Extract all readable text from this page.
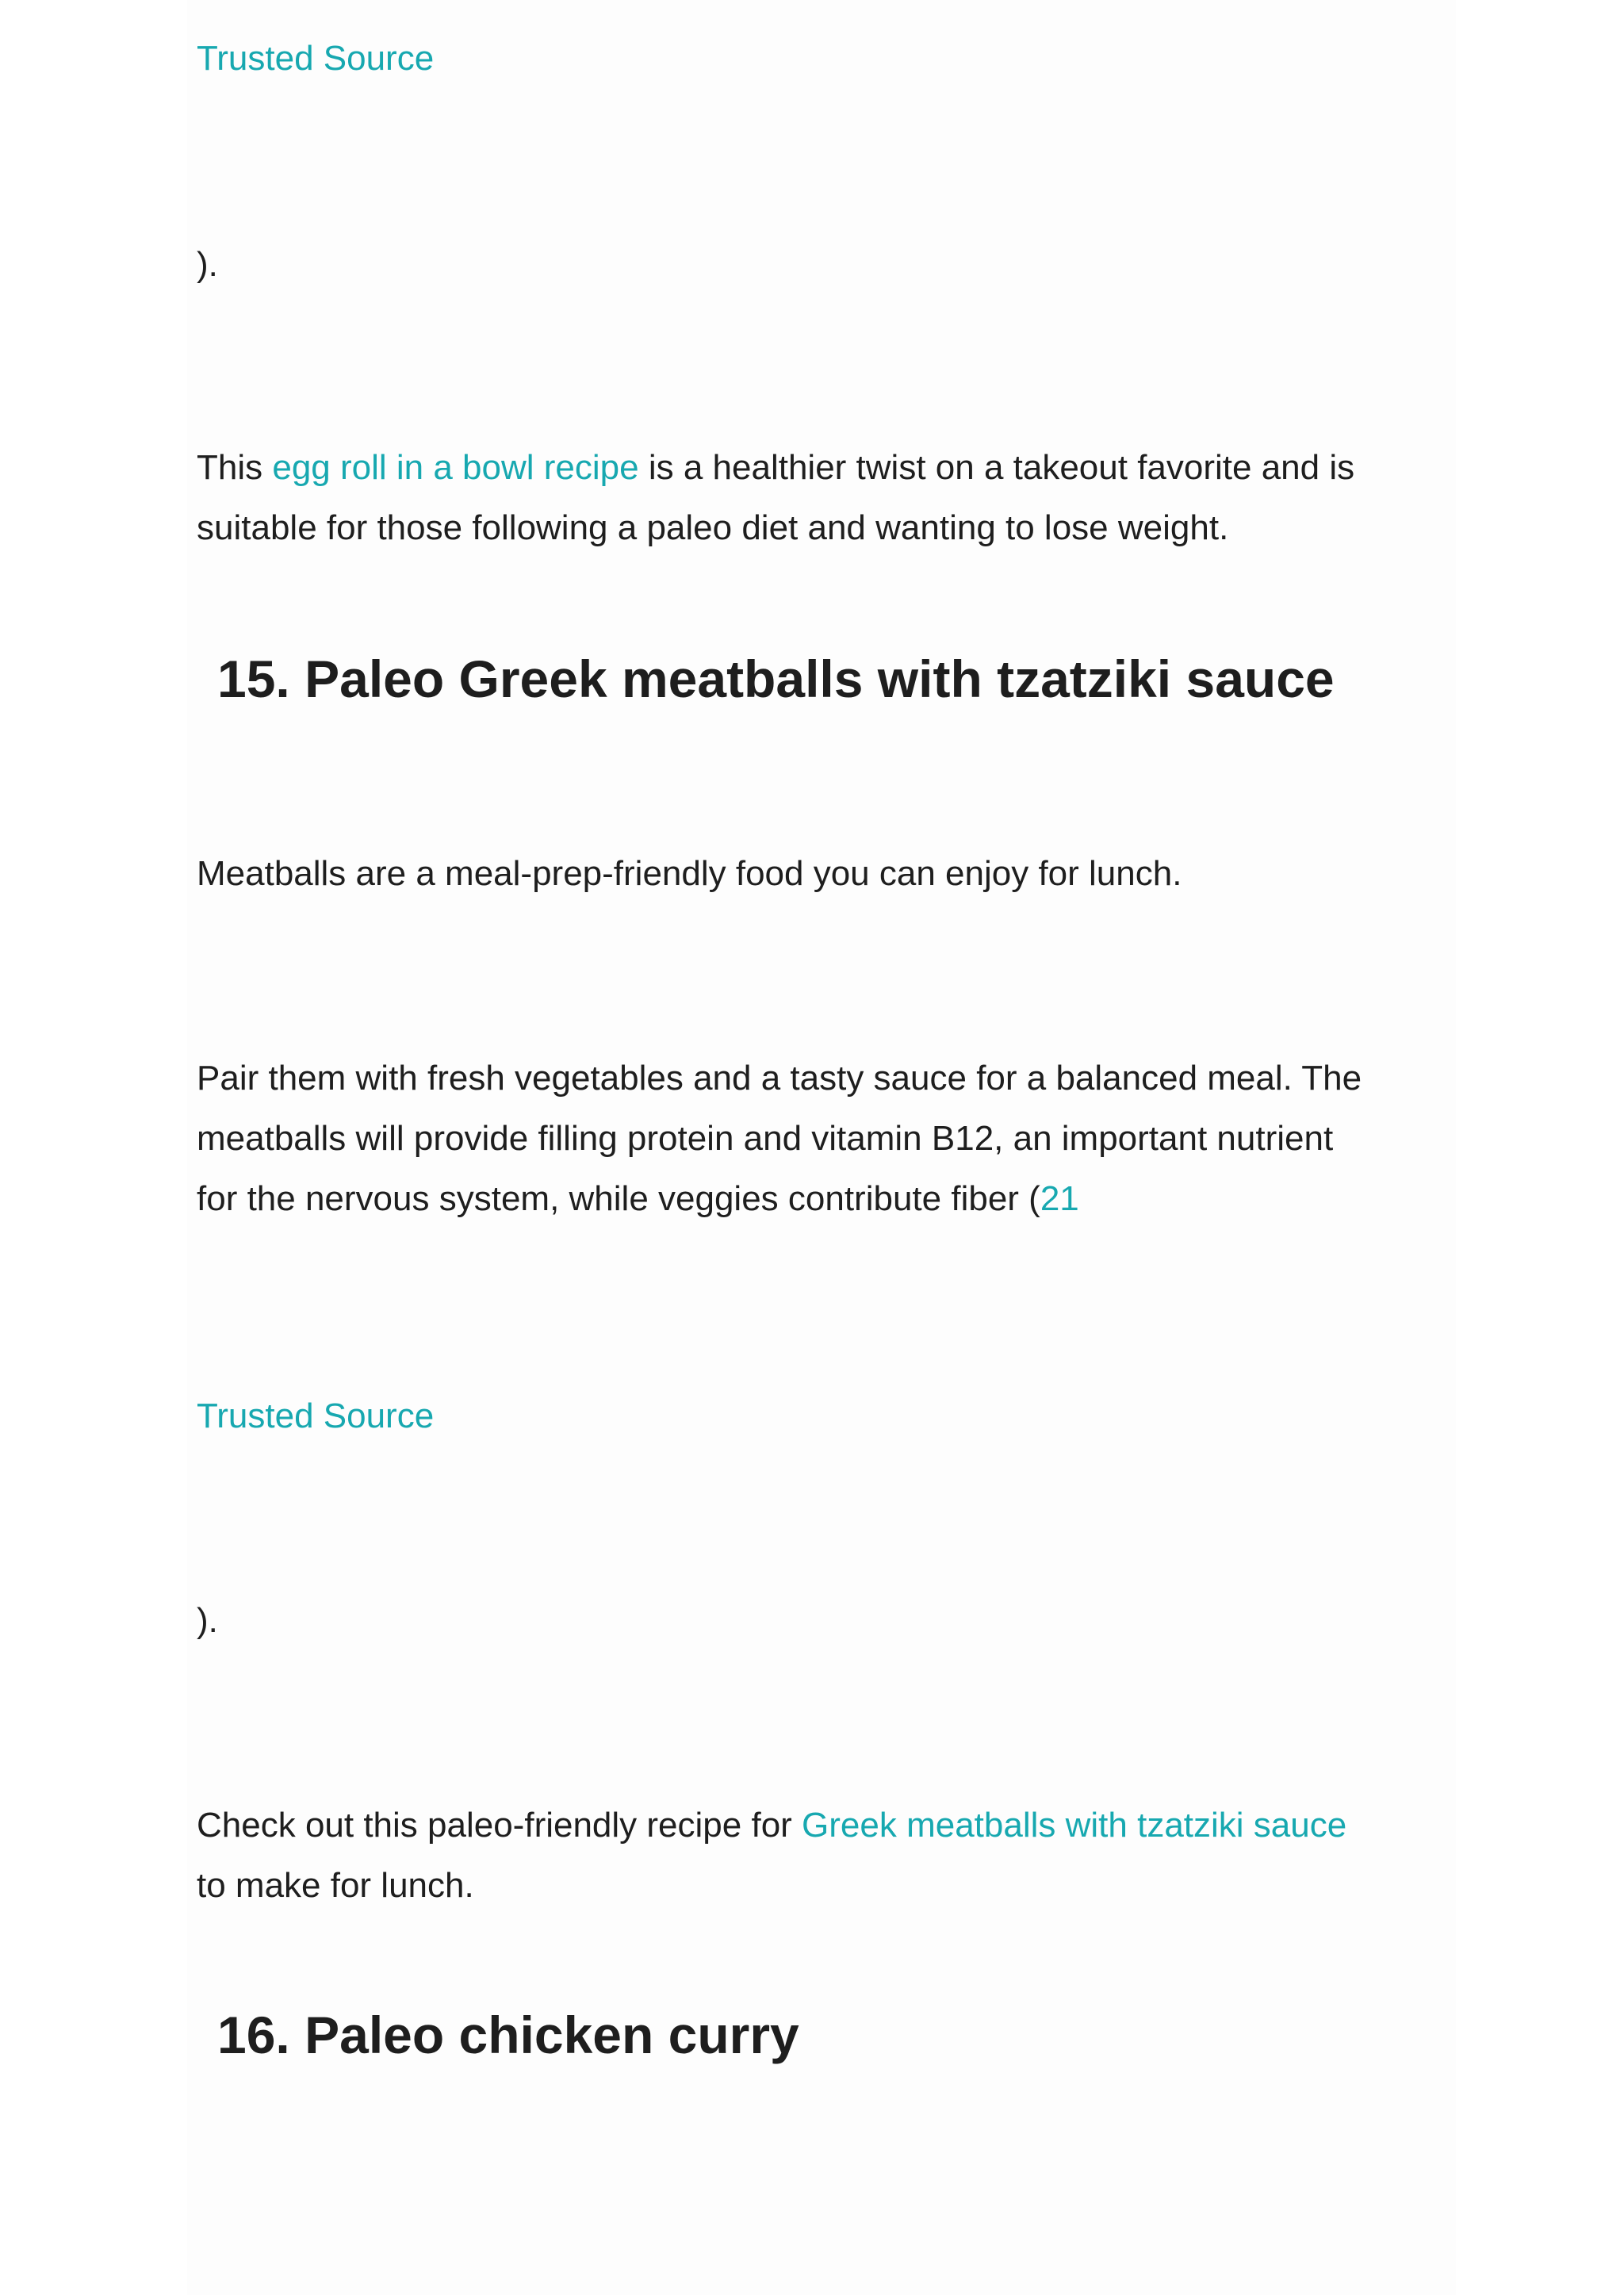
Trusted Source

).

This egg roll in a bowl recipe is a healthier twist on a takeout favorite and is
suitable for those following a paleo diet and wanting to lose weight.

15. Paleo Greek meatballs with tzatziki sauce

Meatballs are a meal-prep-friendly food you can enjoy for lunch.

Pair them with fresh vegetables and a tasty sauce for a balanced meal. The
meatballs will provide filling protein and vitamin B12, an important nutrient
for the nervous system, while veggies contribute fiber (21

Trusted Source

).

Check out this paleo-friendly recipe for Greek meatballs with tzatziki sauce
to make for lunch.

16. Paleo chicken curry
